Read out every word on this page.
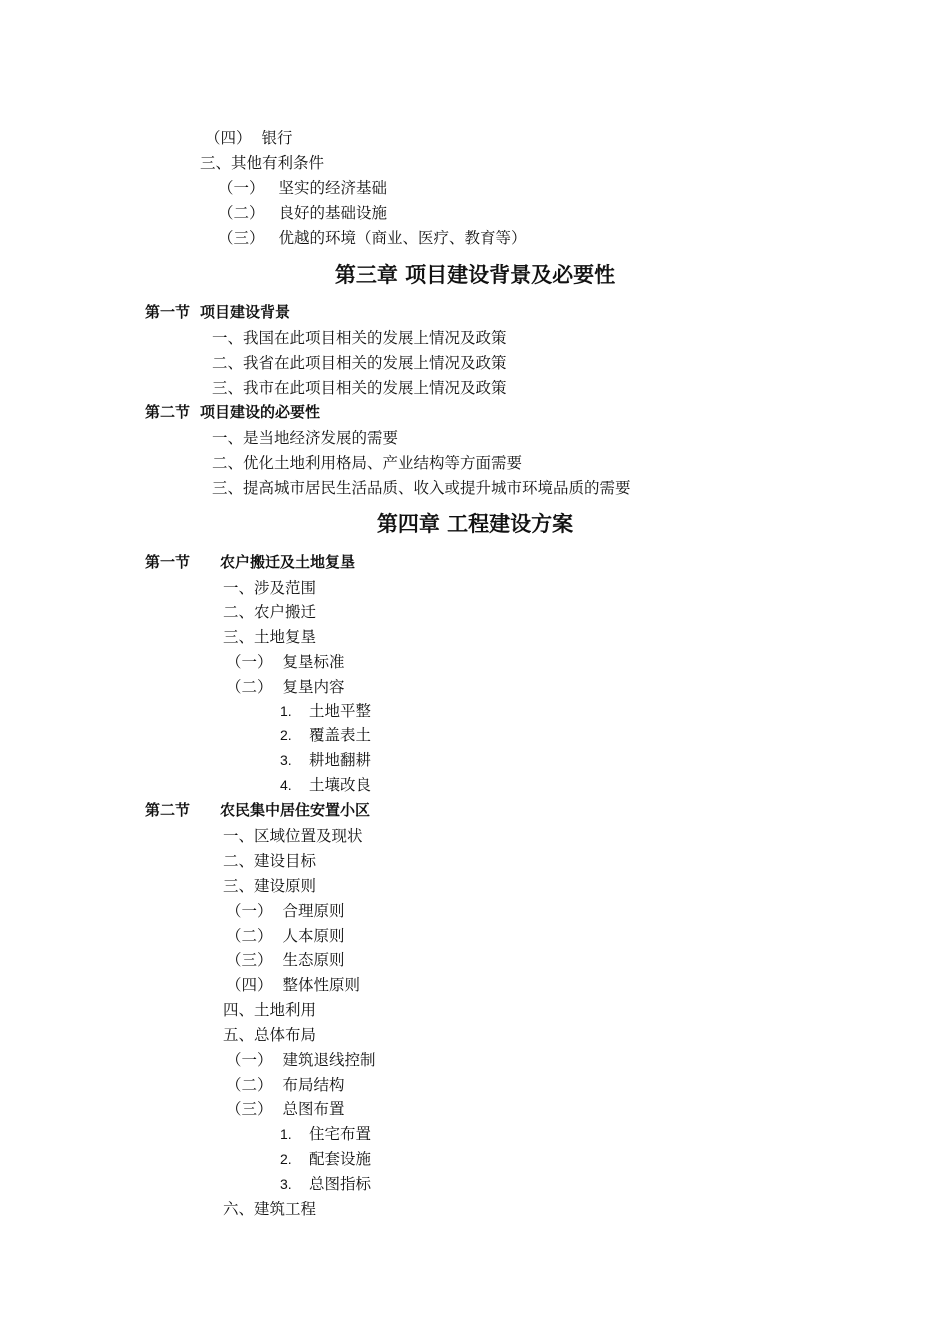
（四） 银行
三、其他有利条件
（一） 坚实的经济基础
（二） 良好的基础设施
（三） 优越的环境（商业、医疗、教育等）
第三章 项目建设背景及必要性
第一节 项目建设背景
一、我国在此项目相关的发展上情况及政策
二、我省在此项目相关的发展上情况及政策
三、我市在此项目相关的发展上情况及政策
第二节 项目建设的必要性
一、是当地经济发展的需要
二、优化土地利用格局、产业结构等方面需要
三、提高城市居民生活品质、收入或提升城市环境品质的需要
第四章 工程建设方案
第一节 农户搬迁及土地复垦
一、涉及范围
二、农户搬迁
三、土地复垦
（一） 复垦标准
（二） 复垦内容
1. 土地平整
2. 覆盖表土
3. 耕地翻耕
4. 土壤改良
第二节 农民集中居住安置小区
一、区域位置及现状
二、建设目标
三、建设原则
（一） 合理原则
（二） 人本原则
（三） 生态原则
（四） 整体性原则
四、土地利用
五、总体布局
（一） 建筑退线控制
（二） 布局结构
（三） 总图布置
1. 住宅布置
2. 配套设施
3. 总图指标
六、建筑工程
